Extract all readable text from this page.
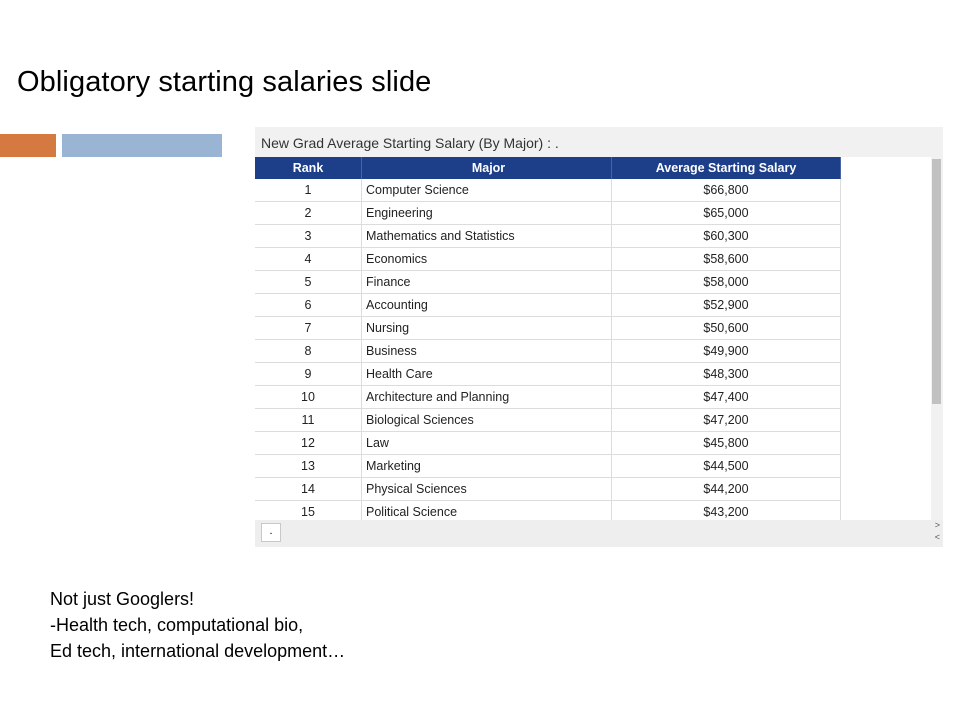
Obligatory starting salaries slide
New Grad Average Starting Salary (By Major) : .
Rank	Major	Average Starting Salary
1	Computer Science	$66,800
2	Engineering	$65,000
3	Mathematics and Statistics	$60,300
4	Economics	$58,600
5	Finance	$58,000
6	Accounting	$52,900
7	Nursing	$50,600
8	Business	$49,900
9	Health Care	$48,300
10	Architecture and Planning	$47,400
11	Biological Sciences	$47,200
12	Law	$45,800
13	Marketing	$44,500
14	Physical Sciences	$44,200
15	Political Science	$43,200
.	>
<
Not just Googlers!
-Health tech, computational bio,
Ed tech, international development…
